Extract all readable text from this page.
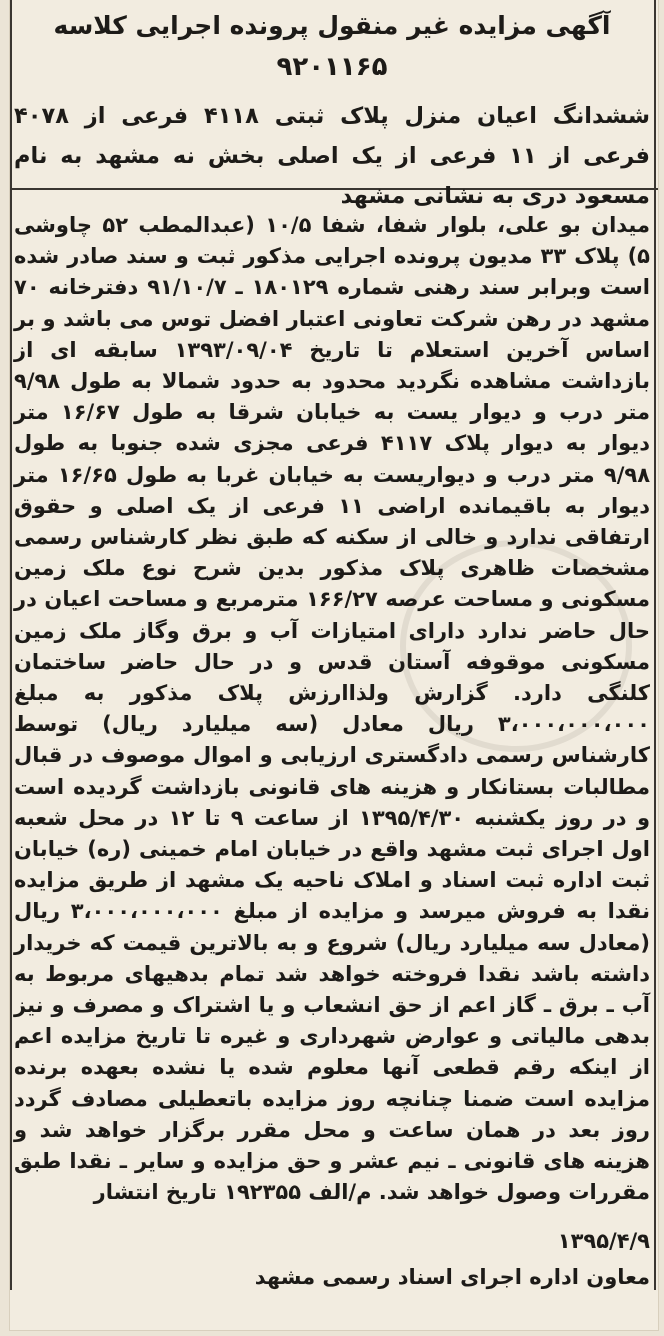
آگهی مزایده غیر منقول پرونده اجرایی کلاسه
۹۲۰۱۱۶۵
ششدانگ اعیان منزل پلاک ثبتی ۴۱۱۸ فرعی از ۴۰۷۸ فرعی از ۱۱ فرعی از یک اصلی بخش نه مشهد به نام مسعود دری به نشانی مشهد
میدان بو علی، بلوار شفا، شفا ۱۰/۵ (عبدالمطب ۵۲ چاوشی ۵) پلاک ۳۳ مدیون پرونده اجرایی مذکور ثبت و سند صادر شده است وبرابر سند رهنی شماره ۱۸۰۱۲۹ ـ ۹۱/۱۰/۷ دفترخانه ۷۰ مشهد در رهن شرکت تعاونی اعتبار افضل توس می باشد و بر اساس آخرین استعلام تا تاریخ ۱۳۹۳/۰۹/۰۴ سابقه ای از بازداشت مشاهده نگردید محدود به حدود شمالا به طول ۹/۹۸ متر درب و دیوار یست به خیابان شرقا به طول ۱۶/۶۷ متر دیوار به دیوار پلاک ۴۱۱۷ فرعی مجزی شده جنوبا به طول ۹/۹۸ متر درب و دیواریست به خیابان غربا به طول ۱۶/۶۵ متر دیوار به باقیمانده اراضی ۱۱ فرعی از یک اصلی و حقوق ارتفاقی ندارد و خالی از سکنه که طبق نظر کارشناس رسمی مشخصات ظاهری پلاک مذکور بدین شرح نوع ملک زمین مسکونی و مساحت عرصه ۱۶۶/۲۷ مترمربع و مساحت اعیان در حال حاضر ندارد دارای امتیازات آب و برق وگاز ملک زمین مسکونی موقوفه آستان قدس و در حال حاضر ساختمان کلنگی دارد. گزارش ولذاارزش پلاک مذکور به مبلغ ۳،۰۰۰،۰۰۰،۰۰۰ ریال معادل (سه میلیارد ریال) توسط کارشناس رسمی دادگستری ارزیابی و اموال موصوف در قبال مطالبات بستانکار و هزینه های قانونی بازداشت گردیده است و در روز یکشنبه ۱۳۹۵/۴/۳۰ از ساعت ۹ تا ۱۲ در محل شعبه اول اجرای ثبت مشهد واقع در خیابان امام خمینی (ره) خیابان ثبت اداره ثبت اسناد و املاک ناحیه یک مشهد از طریق مزایده نقدا به فروش میرسد و مزایده از مبلغ ۳،۰۰۰،۰۰۰،۰۰۰ ریال (معادل سه میلیارد ریال) شروع و به بالاترین قیمت که خریدار داشته باشد نقدا فروخته خواهد شد تمام بدهیهای مربوط به آب ـ برق ـ گاز اعم از حق انشعاب و یا اشتراک و مصرف و نیز بدهی مالیاتی و عوارض شهرداری و غیره تا تاریخ مزایده اعم از اینکه رقم قطعی آنها معلوم شده یا نشده بعهده برنده مزایده است ضمنا چنانچه روز مزایده باتعطیلی مصادف گردد روز بعد در همان ساعت و محل مقرر برگزار خواهد شد و هزینه های قانونی ـ نیم عشر و حق مزایده و سایر ـ نقدا طبق مقررات وصول خواهد شد. م/الف ۱۹۲۳۵۵ تاریخ انتشار
۱۳۹۵/۴/۹
معاون اداره اجرای اسناد رسمی مشهد
